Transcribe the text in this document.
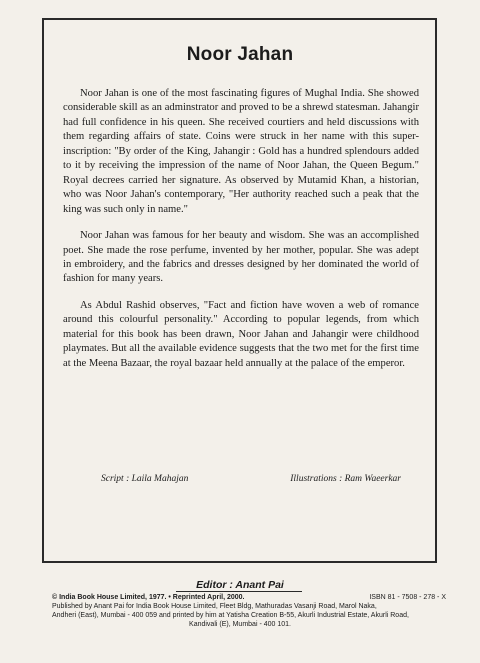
Noor Jahan

Noor Jahan is one of the most fascinating figures of Mughal India. She showed considerable skill as an adminstrator and proved to be a shrewd statesman. Jahangir had full confidence in his queen. She received courtiers and held discussions with them regarding affairs of state. Coins were struck in her name with this super-inscription: "By order of the King, Jahangir : Gold has a hundred splendours added to it by receiving the impression of the name of Noor Jahan, the Queen Begum." Royal decrees carried her signature. As observed by Mutamid Khan, a historian, who was Noor Jahan's contemporary, "Her authority reached such a peak that the king was such only in name."

Noor Jahan was famous for her beauty and wisdom. She was an accomplished poet. She made the rose perfume, invented by her mother, popular. She was adept in embroidery, and the fabrics and dresses designed by her dominated the world of fashion for many years.

As Abdul Rashid observes, "Fact and fiction have woven a web of romance around this colourful personality." According to popular legends, from which material for this book has been drawn, Noor Jahan and Jahangir were childhood playmates. But all the available evidence suggests that the two met for the first time at the Meena Bazaar, the royal bazaar held annually at the palace of the emperor.

Script : Laila Mahajan	Illustrations : Ram Waeerkar
Editor : Anant Pai
© India Book House Limited, 1977. • Reprinted April, 2000.	ISBN 81 - 7508 - 278 - X
Published by Anant Pai for India Book House Limited, Fleet Bldg, Mathuradas Vasanji Road, Marol Naka,
Andheri (East), Mumbai - 400 059 and printed by him at Yatisha Creation B-55, Akurli Industrial Estate, Akurli Road,
Kandivali (E), Mumbai - 400 101.
